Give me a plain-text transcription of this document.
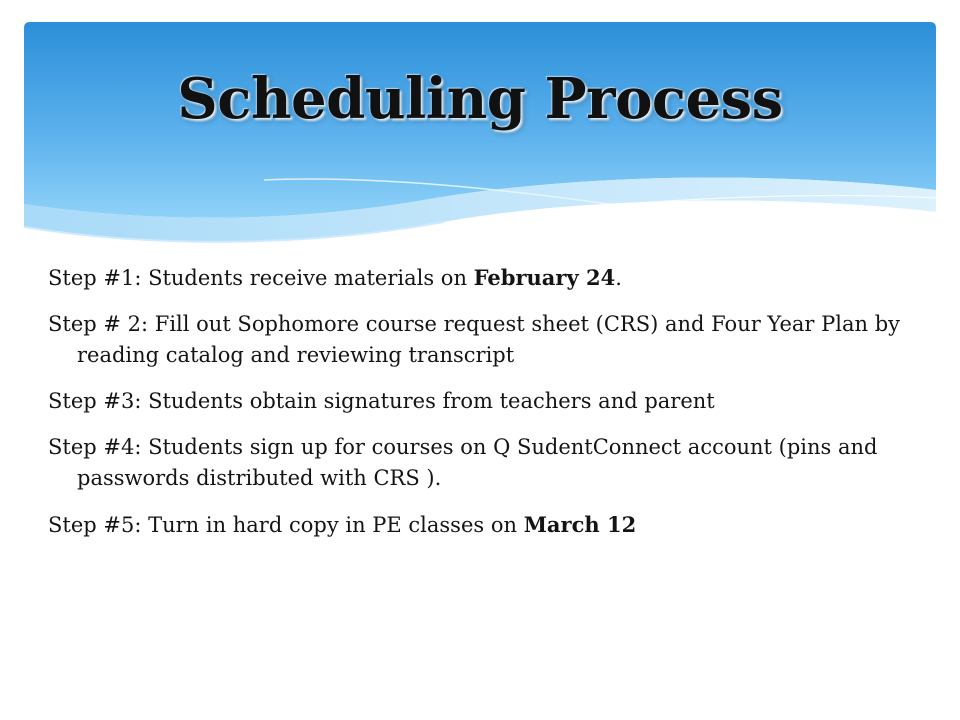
Scheduling Process

Step #1: Students receive materials on February 24.

Step # 2: Fill out Sophomore course request sheet (CRS) and Four Year Plan by reading catalog and reviewing transcript

Step #3: Students obtain signatures from teachers and parent

Step #4: Students sign up for courses on Q SudentConnect account (pins and passwords distributed with CRS ).

Step #5: Turn in hard copy in PE classes on March 12
